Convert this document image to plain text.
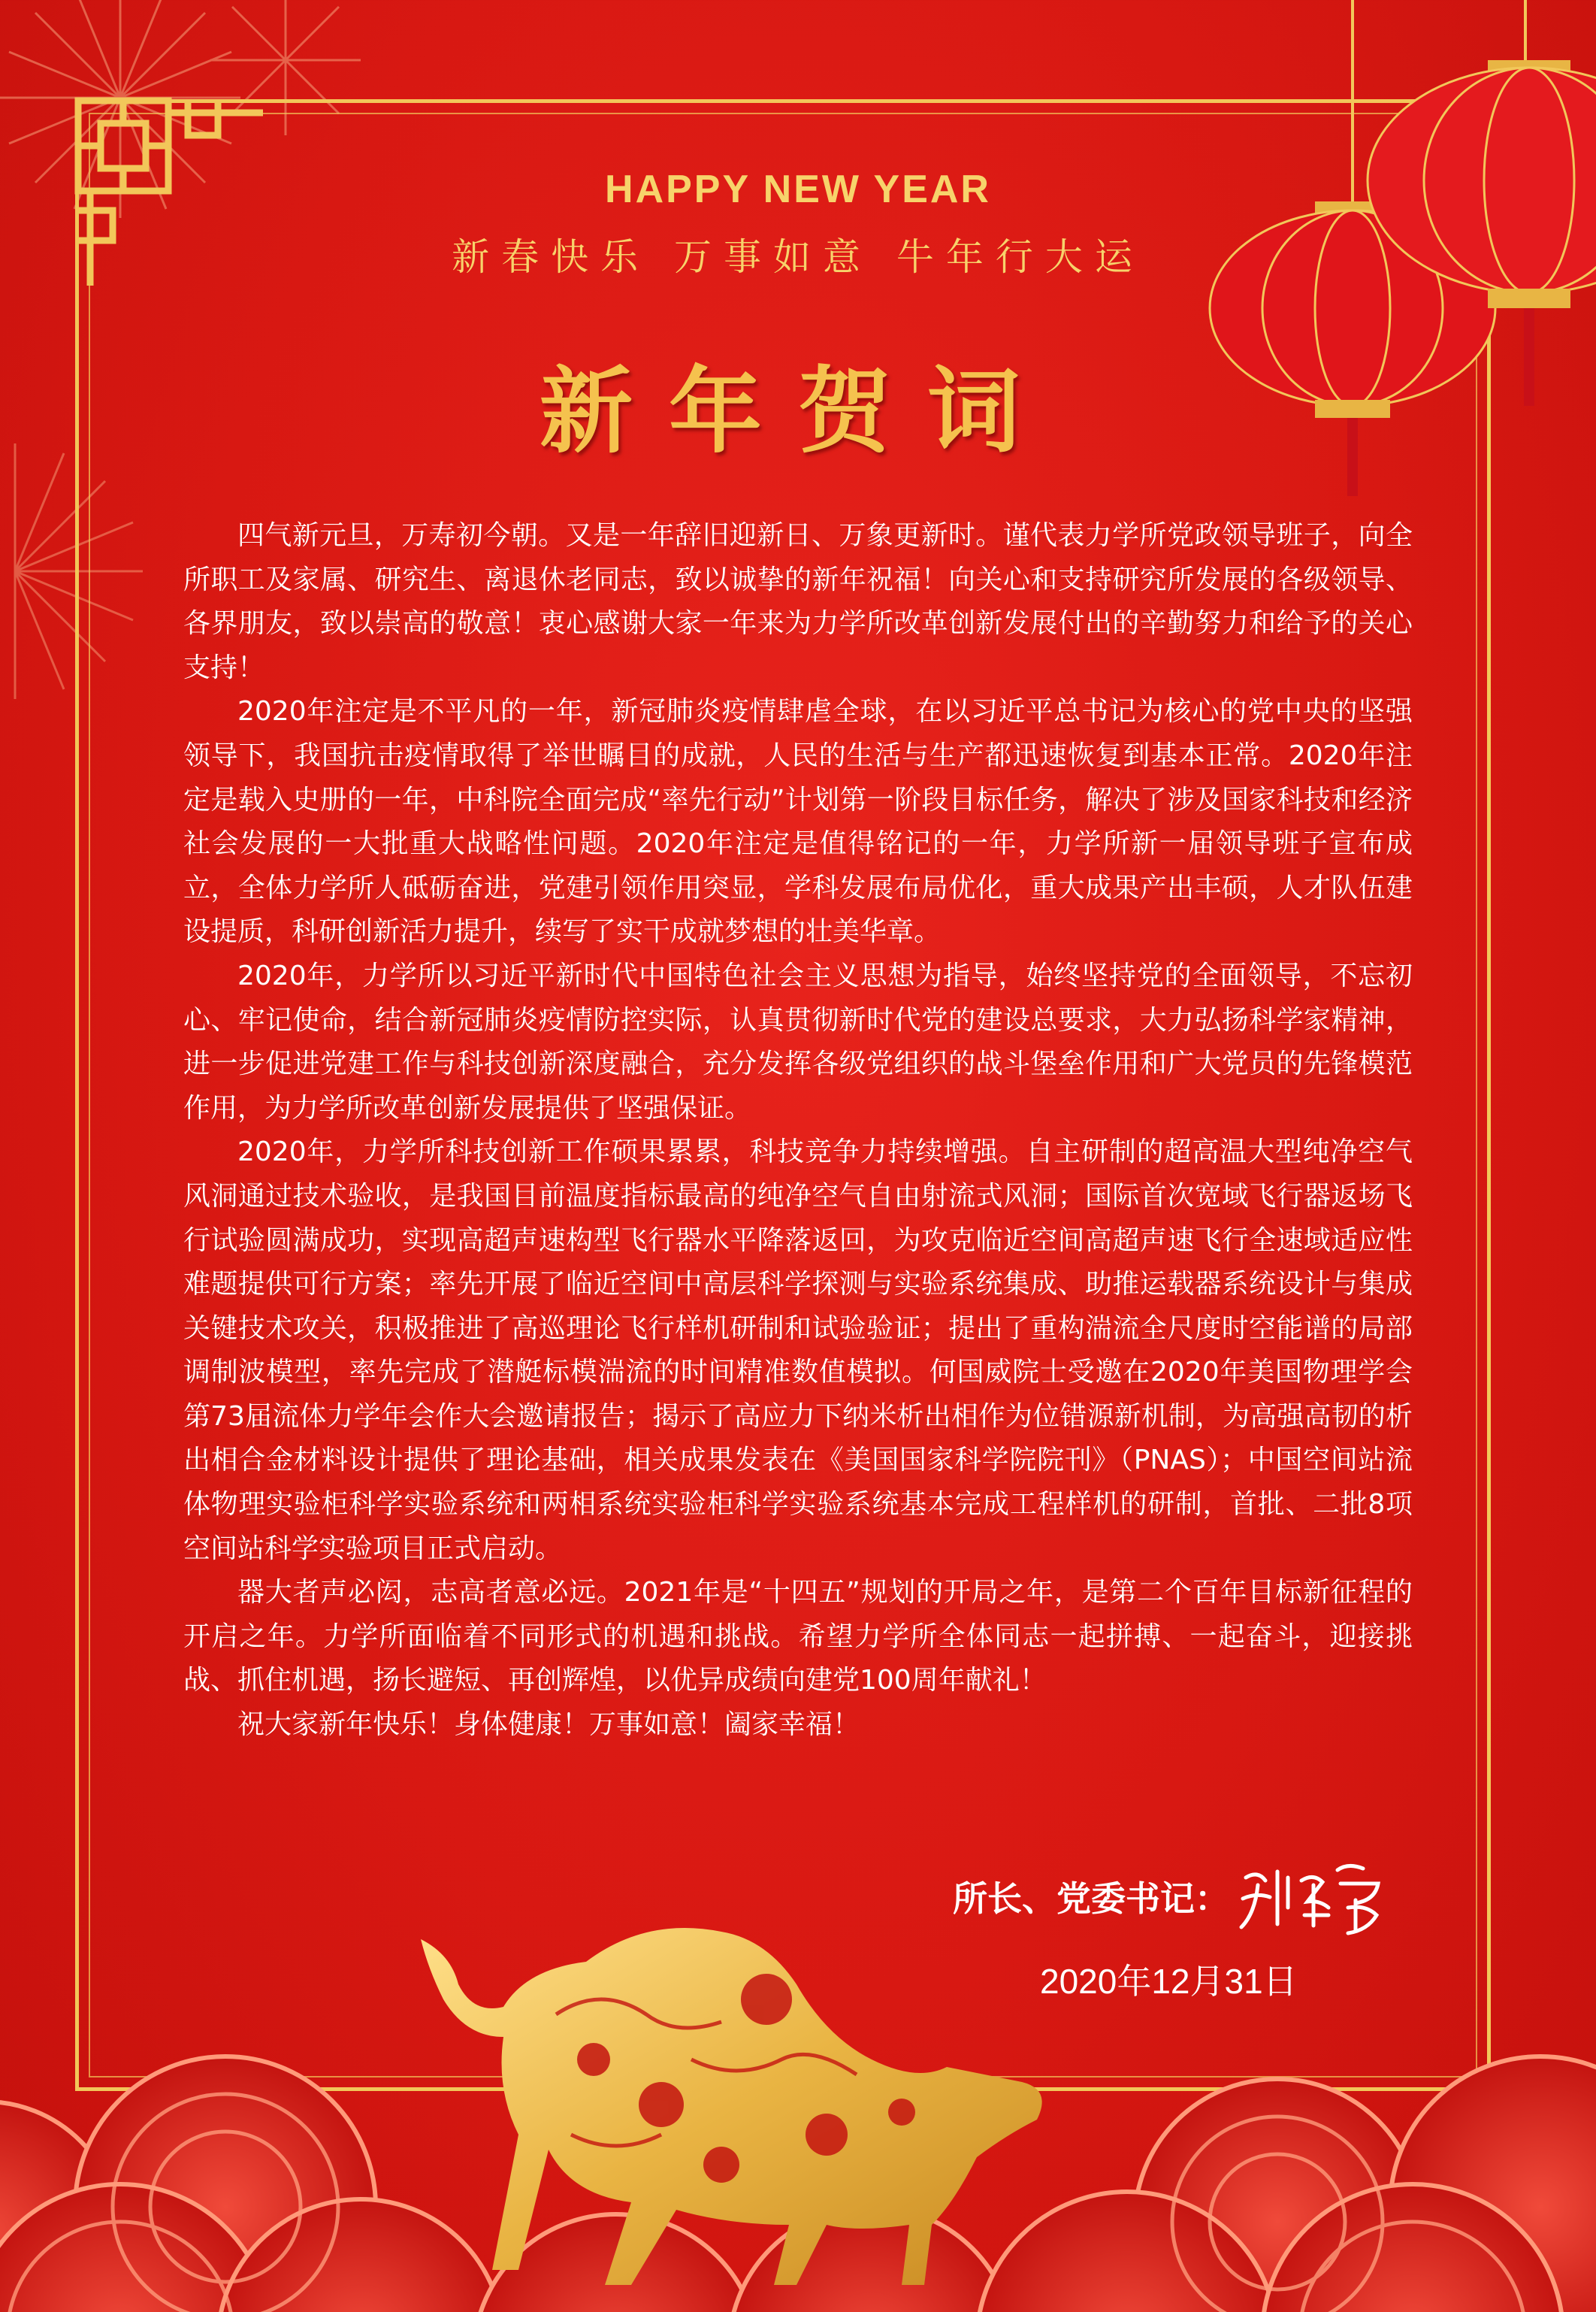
HAPPY NEW YEAR
新春快乐 万事如意 牛年行大运
新年贺词

四气新元旦，万寿初今朝。又是一年辞旧迎新日、万象更新时。谨代表力学所党政领导班子，向全所职工及家属、研究生、离退休老同志，致以诚挚的新年祝福！向关心和支持研究所发展的各级领导、各界朋友，致以崇高的敬意！衷心感谢大家一年来为力学所改革创新发展付出的辛勤努力和给予的关心支持！

2020年注定是不平凡的一年，新冠肺炎疫情肆虐全球，在以习近平总书记为核心的党中央的坚强领导下，我国抗击疫情取得了举世瞩目的成就，人民的生活与生产都迅速恢复到基本正常。2020年注定是载入史册的一年，中科院全面完成“率先行动”计划第一阶段目标任务，解决了涉及国家科技和经济社会发展的一大批重大战略性问题。2020年注定是值得铭记的一年，力学所新一届领导班子宣布成立，全体力学所人砥砺奋进，党建引领作用突显，学科发展布局优化，重大成果产出丰硕，人才队伍建设提质，科研创新活力提升，续写了实干成就梦想的壮美华章。

2020年，力学所以习近平新时代中国特色社会主义思想为指导，始终坚持党的全面领导，不忘初心、牢记使命，结合新冠肺炎疫情防控实际，认真贯彻新时代党的建设总要求，大力弘扬科学家精神，进一步促进党建工作与科技创新深度融合，充分发挥各级党组织的战斗堡垒作用和广大党员的先锋模范作用，为力学所改革创新发展提供了坚强保证。

2020年，力学所科技创新工作硕果累累，科技竞争力持续增强。自主研制的超高温大型纯净空气风洞通过技术验收，是我国目前温度指标最高的纯净空气自由射流式风洞；国际首次宽域飞行器返场飞行试验圆满成功，实现高超声速构型飞行器水平降落返回，为攻克临近空间高超声速飞行全速域适应性难题提供可行方案；率先开展了临近空间中高层科学探测与实验系统集成、助推运载器系统设计与集成关键技术攻关，积极推进了高巡理论飞行样机研制和试验验证；提出了重构湍流全尺度时空能谱的局部调制波模型，率先完成了潜艇标模湍流的时间精准数值模拟。何国威院士受邀在2020年美国物理学会第73届流体力学年会作大会邀请报告；揭示了高应力下纳米析出相作为位错源新机制，为高强高韧的析出相合金材料设计提供了理论基础，相关成果发表在《美国国家科学院院刊》（PNAS）；中国空间站流体物理实验柜科学实验系统和两相系统实验柜科学实验系统基本完成工程样机的研制，首批、二批8项空间站科学实验项目正式启动。

器大者声必闳，志高者意必远。2021年是“十四五”规划的开局之年，是第二个百年目标新征程的开启之年。力学所面临着不同形式的机遇和挑战。希望力学所全体同志一起拼搏、一起奋斗，迎接挑战、抓住机遇，扬长避短、再创辉煌，以优异成绩向建党100周年献礼！

祝大家新年快乐！身体健康！万事如意！阖家幸福！

所长、党委书记：
2020年12月31日
